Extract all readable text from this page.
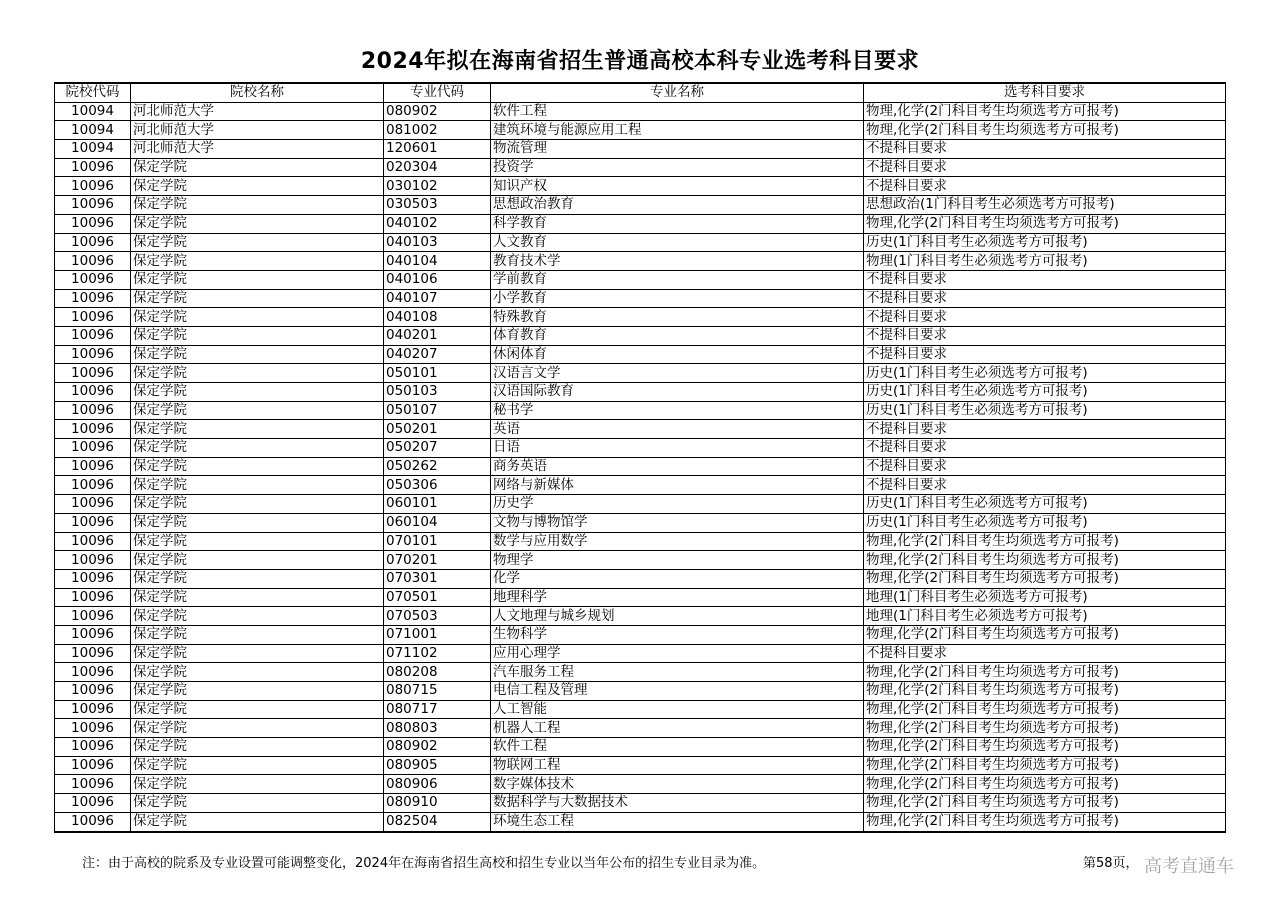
2024年拟在海南省招生普通高校本科专业选考科目要求
院校代码	院校名称	专业代码	专业名称	选考科目要求
10094	河北师范大学	080902	软件工程	物理,化学(2门科目考生均须选考方可报考)
10094	河北师范大学	081002	建筑环境与能源应用工程	物理,化学(2门科目考生均须选考方可报考)
10094	河北师范大学	120601	物流管理	不提科目要求
10096	保定学院	020304	投资学	不提科目要求
10096	保定学院	030102	知识产权	不提科目要求
10096	保定学院	030503	思想政治教育	思想政治(1门科目考生必须选考方可报考)
10096	保定学院	040102	科学教育	物理,化学(2门科目考生均须选考方可报考)
10096	保定学院	040103	人文教育	历史(1门科目考生必须选考方可报考)
10096	保定学院	040104	教育技术学	物理(1门科目考生必须选考方可报考)
10096	保定学院	040106	学前教育	不提科目要求
10096	保定学院	040107	小学教育	不提科目要求
10096	保定学院	040108	特殊教育	不提科目要求
10096	保定学院	040201	体育教育	不提科目要求
10096	保定学院	040207	休闲体育	不提科目要求
10096	保定学院	050101	汉语言文学	历史(1门科目考生必须选考方可报考)
10096	保定学院	050103	汉语国际教育	历史(1门科目考生必须选考方可报考)
10096	保定学院	050107	秘书学	历史(1门科目考生必须选考方可报考)
10096	保定学院	050201	英语	不提科目要求
10096	保定学院	050207	日语	不提科目要求
10096	保定学院	050262	商务英语	不提科目要求
10096	保定学院	050306	网络与新媒体	不提科目要求
10096	保定学院	060101	历史学	历史(1门科目考生必须选考方可报考)
10096	保定学院	060104	文物与博物馆学	历史(1门科目考生必须选考方可报考)
10096	保定学院	070101	数学与应用数学	物理,化学(2门科目考生均须选考方可报考)
10096	保定学院	070201	物理学	物理,化学(2门科目考生均须选考方可报考)
10096	保定学院	070301	化学	物理,化学(2门科目考生均须选考方可报考)
10096	保定学院	070501	地理科学	地理(1门科目考生必须选考方可报考)
10096	保定学院	070503	人文地理与城乡规划	地理(1门科目考生必须选考方可报考)
10096	保定学院	071001	生物科学	物理,化学(2门科目考生均须选考方可报考)
10096	保定学院	071102	应用心理学	不提科目要求
10096	保定学院	080208	汽车服务工程	物理,化学(2门科目考生均须选考方可报考)
10096	保定学院	080715	电信工程及管理	物理,化学(2门科目考生均须选考方可报考)
10096	保定学院	080717	人工智能	物理,化学(2门科目考生均须选考方可报考)
10096	保定学院	080803	机器人工程	物理,化学(2门科目考生均须选考方可报考)
10096	保定学院	080902	软件工程	物理,化学(2门科目考生均须选考方可报考)
10096	保定学院	080905	物联网工程	物理,化学(2门科目考生均须选考方可报考)
10096	保定学院	080906	数字媒体技术	物理,化学(2门科目考生均须选考方可报考)
10096	保定学院	080910	数据科学与大数据技术	物理,化学(2门科目考生均须选考方可报考)
10096	保定学院	082504	环境生态工程	物理,化学(2门科目考生均须选考方可报考)
注：由于高校的院系及专业设置可能调整变化，2024年在海南省招生高校和招生专业以当年公布的招生专业目录为准。	第58页， 高考直通车
